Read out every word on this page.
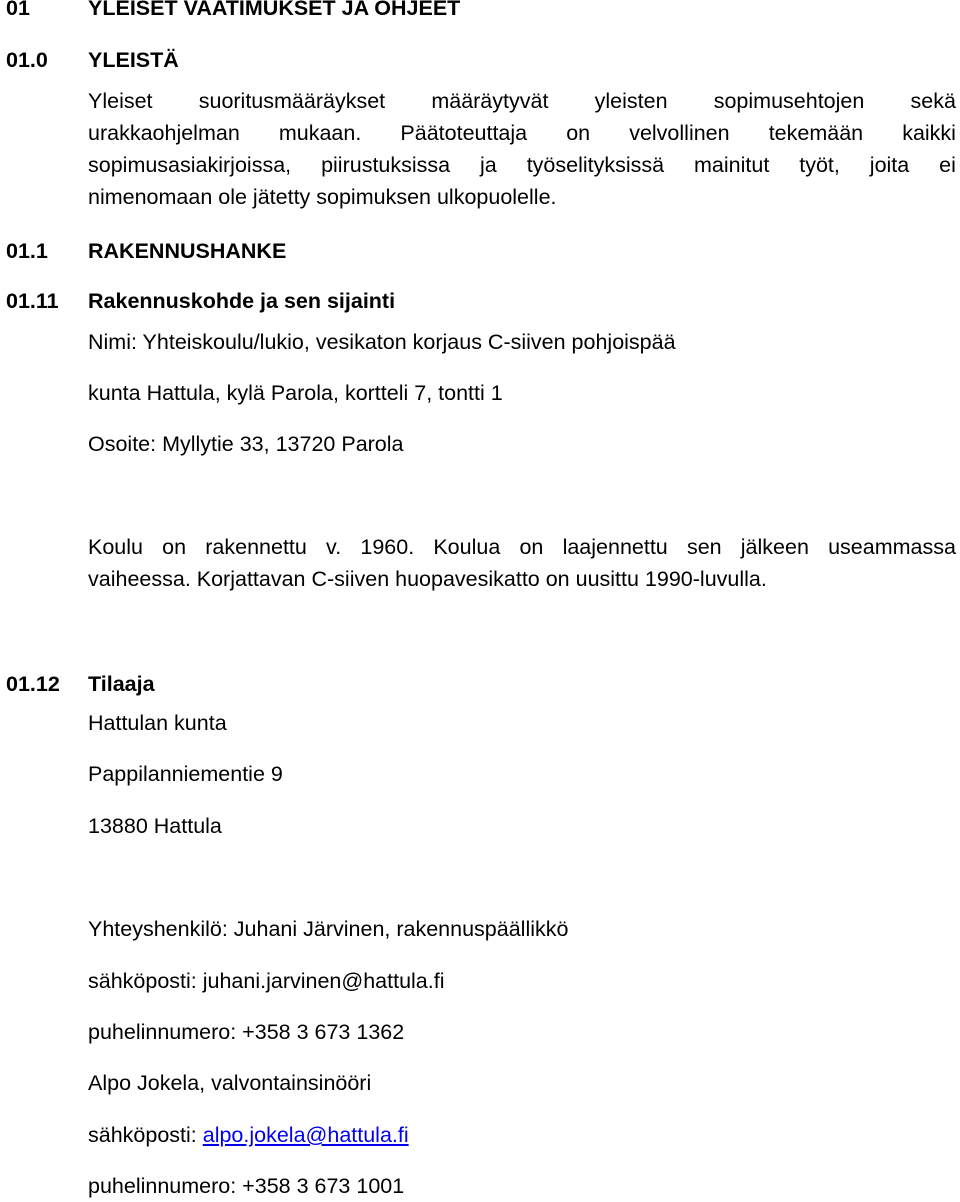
01	YLEISET VAATIMUKSET JA OHJEET
01.0 YLEISTÄ
Yleiset suoritusmääräykset määräytyvät yleisten sopimusehtojen sekä
urakkaohjelman mukaan. Päätoteuttaja on velvollinen tekemään kaikki
sopimusasiakirjoissa, piirustuksissa ja työselityksissä mainitut työt, joita ei
nimenomaan ole jätetty sopimuksen ulkopuolelle.
01.1 RAKENNUSHANKE
01.11 Rakennuskohde ja sen sijainti
Nimi: Yhteiskoulu/lukio, vesikaton korjaus C-siiven pohjoispää
kunta Hattula, kylä Parola, kortteli 7, tontti 1
Osoite: Myllytie 33, 13720 Parola
Koulu on rakennettu v. 1960. Koulua on laajennettu sen jälkeen useammassa
vaiheessa. Korjattavan C-siiven huopavesikatto on uusittu 1990-luvulla.
01.12 Tilaaja
Hattulan kunta
Pappilanniementie 9
13880 Hattula
Yhteyshenkilö: Juhani Järvinen, rakennuspäällikkö
sähköposti: juhani.jarvinen@hattula.fi
puhelinnumero: +358 3 673 1362
Alpo Jokela, valvontainsinööri
sähköposti: alpo.jokela@hattula.fi
puhelinnumero: +358 3 673 1001
